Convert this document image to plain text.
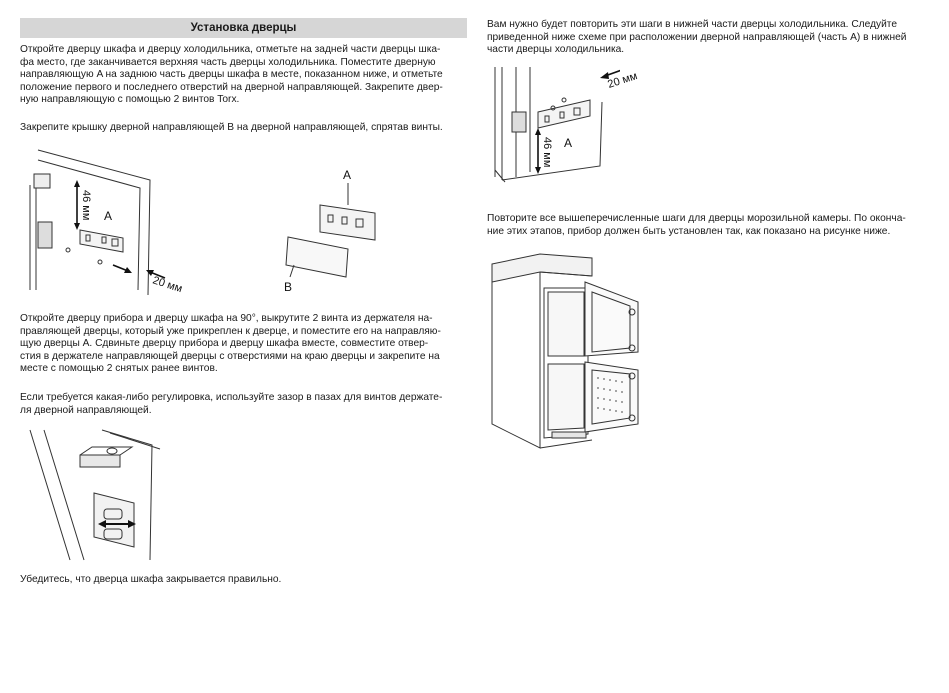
Установка дверцы

Откройте дверцу шкафа и дверцу холодильника, отметьте на задней части дверцы шка-
фа место, где заканчивается верхняя часть дверцы холодильника. Поместите дверную
направляющую A на заднюю часть дверцы шкафа в месте, показанном ниже, и отметьте
положение первого и последнего отверстий на дверной направляющей. Закрепите двер-
ную направляющую с помощью 2 винтов Torx.

Закрепите крышку дверной направляющей B на дверной направляющей, спрятав винты.

46 мм A
20 мм
A
B

Откройте дверцу прибора и дверцу шкафа на 90°, выкрутите 2 винта из держателя на-
правляющей дверцы, который уже прикреплен к дверце, и поместите его на направляю-
щую дверцы A. Сдвиньте дверцу прибора и дверцу шкафа вместе, совместите отвер-
стия в держателе направляющей дверцы с отверстиями на краю дверцы и закрепите на
месте с помощью 2 снятых ранее винтов.

Если требуется какая-либо регулировка, используйте зазор в пазах для винтов держате-
ля дверной направляющей.

Убедитесь, что дверца шкафа закрывается правильно.

Вам нужно будет повторить эти шаги в нижней части дверцы холодильника. Следуйте
приведенной ниже схеме при расположении дверной направляющей (часть A) в нижней
части дверцы холодильника.

46 мм A
20 мм

Повторите все вышеперечисленные шаги для дверцы морозильной камеры. По оконча-
ние этих этапов, прибор должен быть установлен так, как показано на рисунке ниже.
